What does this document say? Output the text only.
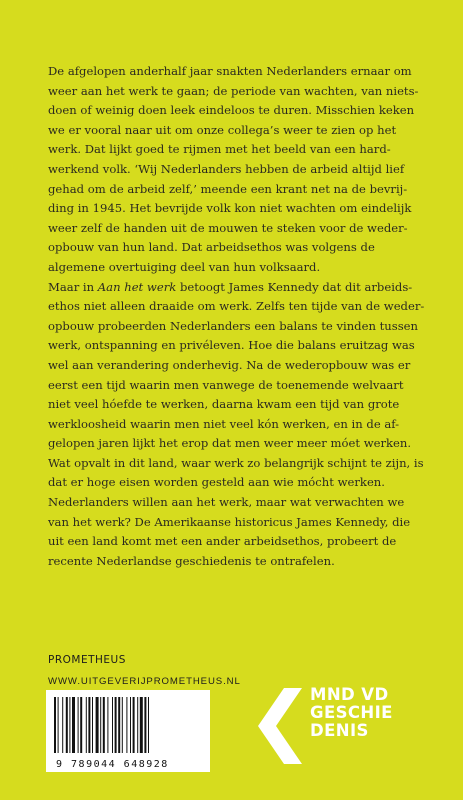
De afgelopen anderhalf jaar snakten Nederlanders ernaar om weer aan het werk te gaan; de periode van wachten, van niets-doen of weinig doen leek eindeloos te duren. Misschien keken we er vooral naar uit om onze collega’s weer te zien op het werk. Dat lijkt goed te rijmen met het beeld van een hard-werkend volk. ‘Wij Nederlanders hebben de arbeid altijd lief gehad om de arbeid zelf,’ meende een krant net na de bevrij-ding in 1945. Het bevrijde volk kon niet wachten om eindelijk weer zelf de handen uit de mouwen te steken voor de weder-opbouw van hun land. Dat arbeidsethos was volgens de algemene overtuiging deel van hun volksaard.

Maar in Aan het werk betoogt James Kennedy dat dit arbeids-ethos niet alleen draaide om werk. Zelfs ten tijde van de weder-opbouw probeerden Nederlanders een balans te vinden tussen werk, ontspanning en privéleven. Hoe die balans eruitzag was wel aan verandering onderhevig. Na de wederopbouw was er eerst een tijd waarin men vanwege de toenemende welvaart niet veel hóefde te werken, daarna kwam een tijd van grote werkloosheid waarin men niet veel kón werken, en in de af-gelopen jaren lijkt het erop dat men weer meer móet werken.

Wat opvalt in dit land, waar werk zo belangrijk schijnt te zijn, is dat er hoge eisen worden gesteld aan wie mócht werken. Nederlanders willen aan het werk, maar wat verwachten we van het werk? De Amerikaanse historicus James Kennedy, die uit een land komt met een ander arbeidsethos, probeert de recente Nederlandse geschiedenis te ontrafelen.

PROMETHEUS
WWW.UITGEVERIJPROMETHEUS.NL
9 789044 648928
MND VD
GESCHIE
DENIS
